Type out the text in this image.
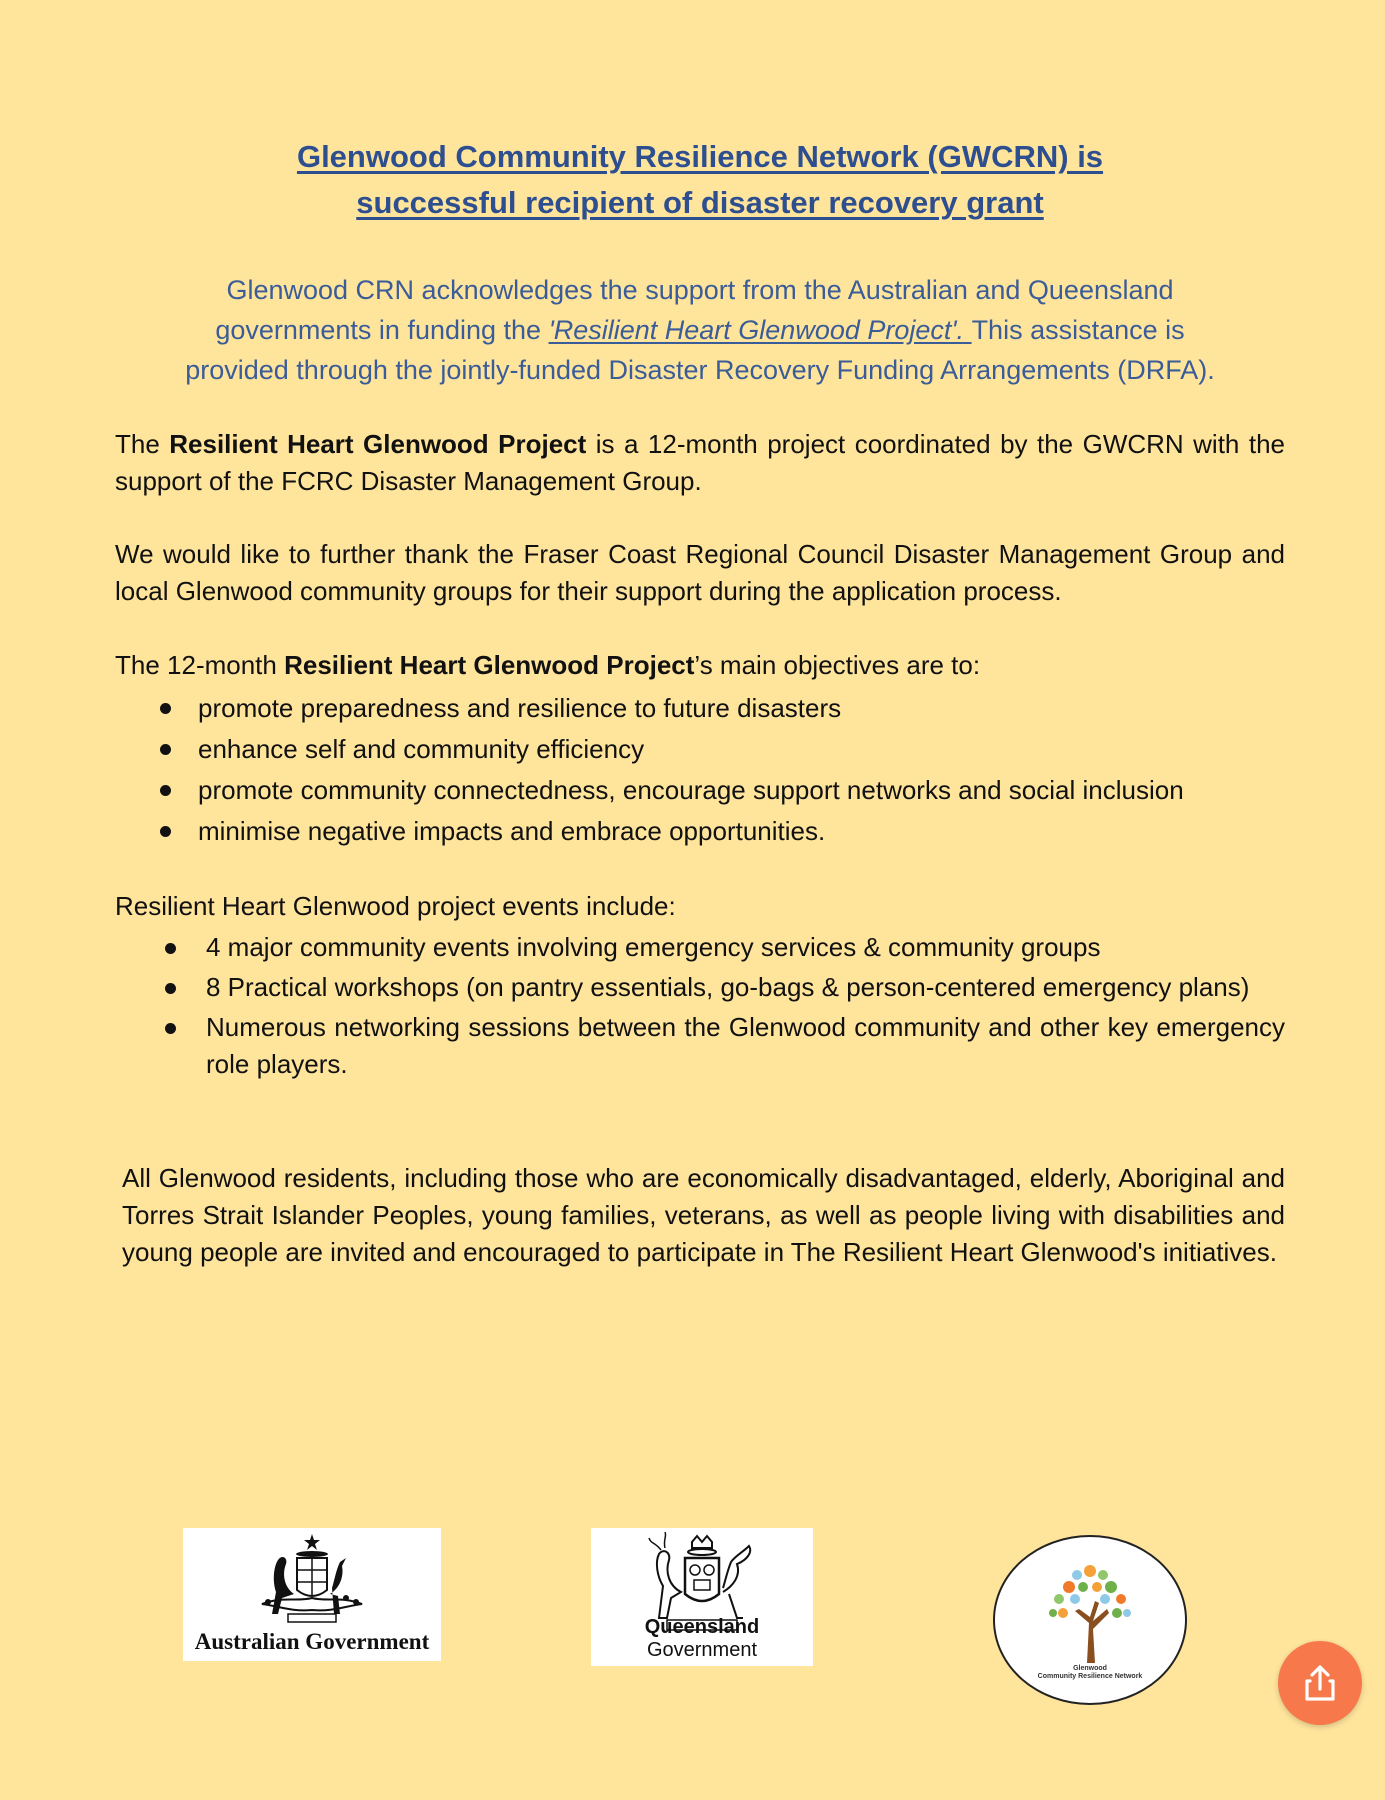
Glenwood Community Resilience Network (GWCRN) is
successful recipient of disaster recovery grant
Glenwood CRN acknowledges the support from the Australian and Queensland
governments in funding the 'Resilient Heart Glenwood Project'. This assistance is
provided through the jointly-funded Disaster Recovery Funding Arrangements (DRFA).
The Resilient Heart Glenwood Project is a 12-month project coordinated by the GWCRN with the support of the FCRC Disaster Management Group.
We would like to further thank the Fraser Coast Regional Council Disaster Management Group and local Glenwood community groups for their support during the application process.
The 12-month Resilient Heart Glenwood Project’s main objectives are to:
promote preparedness and resilience to future disasters
enhance self and community efficiency
promote community connectedness, encourage support networks and social inclusion
minimise negative impacts and embrace opportunities.
Resilient Heart Glenwood project events include:
4 major community events involving emergency services & community groups
8 Practical workshops (on pantry essentials, go-bags & person-centered emergency plans)
Numerous networking sessions between the Glenwood community and other key emergency role players.
All Glenwood residents, including those who are economically disadvantaged, elderly, Aboriginal and Torres Strait Islander Peoples, young families, veterans, as well as people living with disabilities and young people are invited and encouraged to participate in The Resilient Heart Glenwood's initiatives.
Australian Government
Queensland Government
Glenwood
Community Resilience Network
